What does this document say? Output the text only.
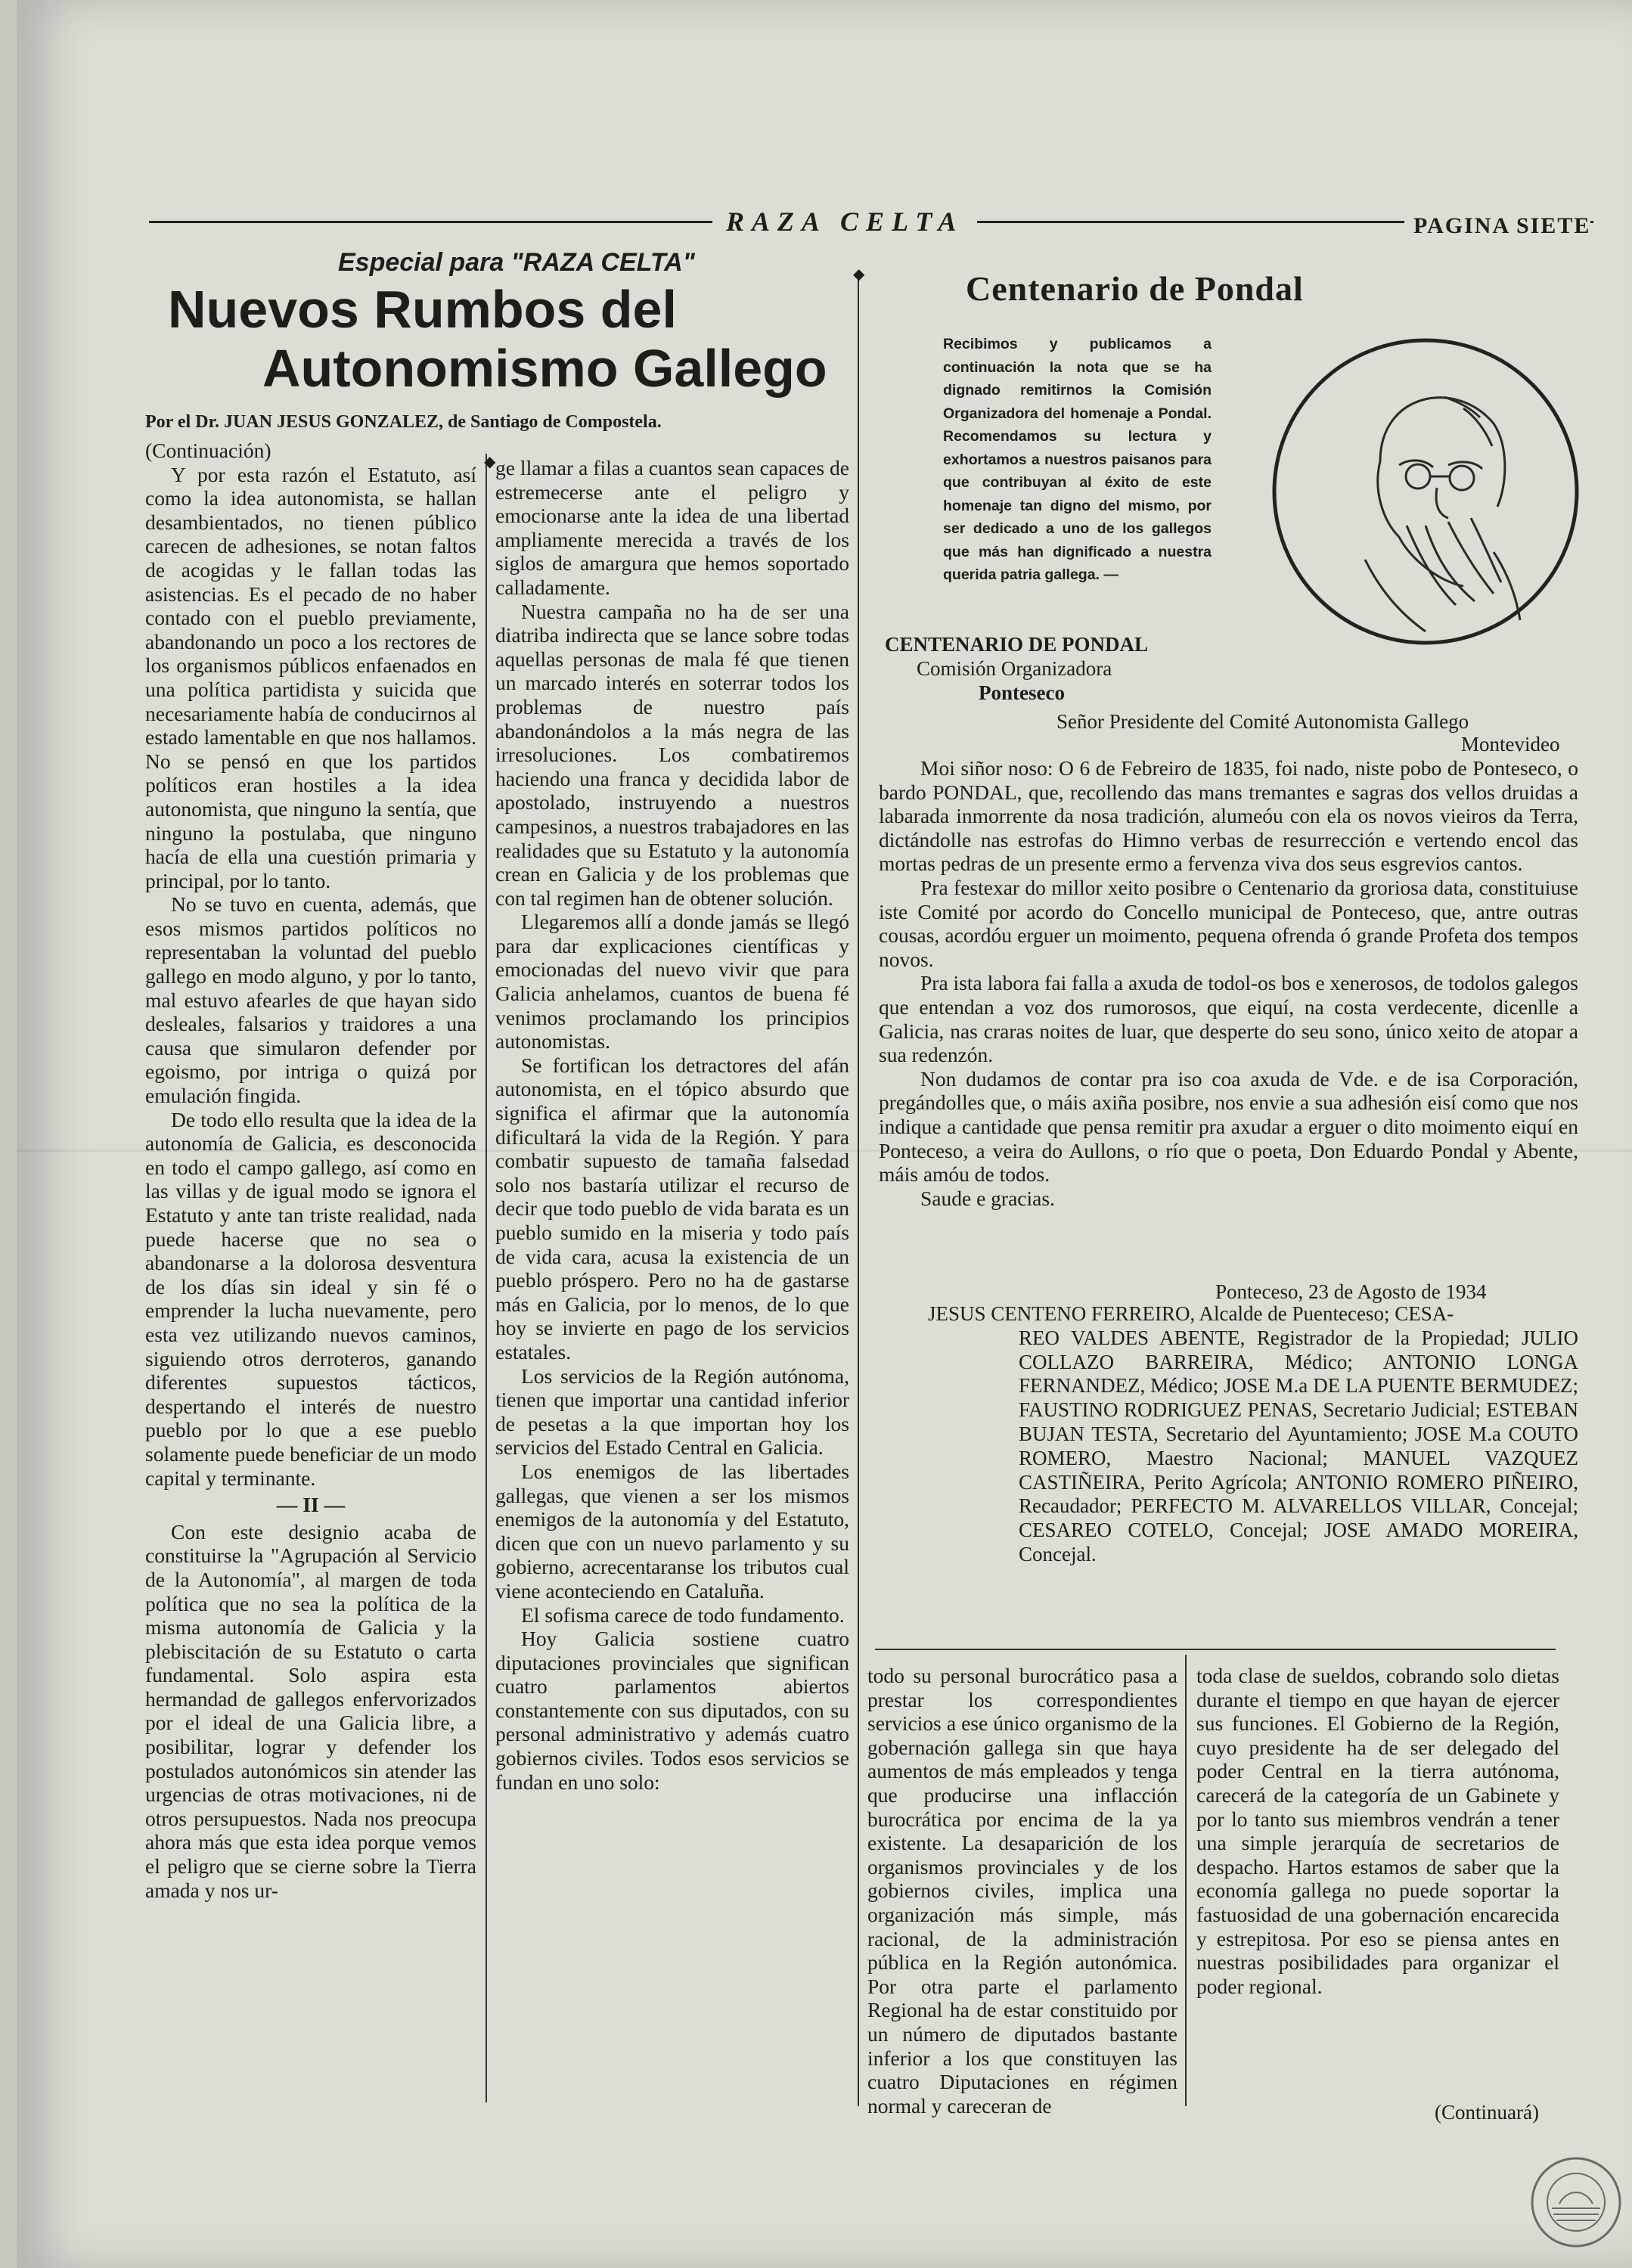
RAZA CELTA	PAGINA SIETE
◆
◆
Especial para "RAZA CELTA"
Nuevos Rumbos del
Autonomismo Gallego
Por el Dr. JUAN JESUS GONZALEZ, de Santiago de Compostela.

(Continuación)

Y por esta razón el Estatuto, así como la idea autonomista, se hallan desambientados, no tienen público carecen de adhesiones, se notan faltos de acogidas y le fallan todas las asistencias. Es el pecado de no haber contado con el pueblo previamente, abandonando un poco a los rectores de los organismos públicos enfaenados en una política partidista y suicida que necesariamente había de conducirnos al estado lamentable en que nos hallamos. No se pensó en que los partidos políticos eran hostiles a la idea autonomista, que ninguno la sentía, que ninguno la postulaba, que ninguno hacía de ella una cuestión primaria y principal, por lo tanto.

No se tuvo en cuenta, además, que esos mismos partidos políticos no representaban la voluntad del pueblo gallego en modo alguno, y por lo tanto, mal estuvo afearles de que hayan sido desleales, falsarios y traidores a una causa que simularon defender por egoismo, por intriga o quizá por emulación fingida.

De todo ello resulta que la idea de la autonomía de Galicia, es desconocida en todo el campo gallego, así como en las villas y de igual modo se ignora el Estatuto y ante tan triste realidad, nada puede hacerse que no sea o abandonarse a la dolorosa desventura de los días sin ideal y sin fé o emprender la lucha nuevamente, pero esta vez utilizando nuevos caminos, siguiendo otros derroteros, ganando diferentes supuestos tácticos, despertando el interés de nuestro pueblo por lo que a ese pueblo solamente puede beneficiar de un modo capital y terminante.

— II —

Con este designio acaba de constituirse la "Agrupación al Servicio de la Autonomía", al margen de toda política que no sea la política de la misma autonomía de Galicia y la plebiscitación de su Estatuto o carta fundamental. Solo aspira esta hermandad de gallegos enfervorizados por el ideal de una Galicia libre, a posibilitar, lograr y defender los postulados autonómicos sin atender las urgencias de otras motivaciones, ni de otros persupuestos. Nada nos preocupa ahora más que esta idea porque vemos el peligro que se cierne sobre la Tierra amada y nos ur-

ge llamar a filas a cuantos sean capaces de estremecerse ante el peligro y emocionarse ante la idea de una libertad ampliamente merecida a través de los siglos de amargura que hemos soportado calladamente.

Nuestra campaña no ha de ser una diatriba indirecta que se lance sobre todas aquellas personas de mala fé que tienen un marcado interés en soterrar todos los problemas de nuestro país abandonándolos a la más negra de las irresoluciones. Los combatiremos haciendo una franca y decidida labor de apostolado, instruyendo a nuestros campesinos, a nuestros trabajadores en las realidades que su Estatuto y la autonomía crean en Galicia y de los problemas que con tal regimen han de obtener solución.

Llegaremos allí a donde jamás se llegó para dar explicaciones científicas y emocionadas del nuevo vivir que para Galicia anhelamos, cuantos de buena fé venimos proclamando los principios autonomistas.

Se fortifican los detractores del afán autonomista, en el tópico absurdo que significa el afirmar que la autonomía dificultará la vida de la Región. Y para combatir supuesto de tamaña falsedad solo nos bastaría utilizar el recurso de decir que todo pueblo de vida barata es un pueblo sumido en la miseria y todo país de vida cara, acusa la existencia de un pueblo próspero. Pero no ha de gastarse más en Galicia, por lo menos, de lo que hoy se invierte en pago de los servicios estatales.

Los servicios de la Región autónoma, tienen que importar una cantidad inferior de pesetas a la que importan hoy los servicios del Estado Central en Galicia.

Los enemigos de las libertades gallegas, que vienen a ser los mismos enemigos de la autonomía y del Estatuto, dicen que con un nuevo parlamento y su gobierno, acrecentaranse los tributos cual viene aconteciendo en Cataluña.

El sofisma carece de todo fundamento.

Hoy Galicia sostiene cuatro diputaciones provinciales que significan cuatro parlamentos abiertos constantemente con sus diputados, con su personal administrativo y además cuatro gobiernos civiles. Todos esos servicios se fundan en uno solo:

todo su personal burocrático pasa a prestar los correspondientes servicios a ese único organismo de la gobernación gallega sin que haya aumentos de más empleados y tenga que producirse una inflacción burocrática por encima de la ya existente. La desaparición de los organismos provinciales y de los gobiernos civiles, implica una organización más simple, más racional, de la administración pública en la Región autonómica. Por otra parte el parlamento Regional ha de estar constituido por un número de diputados bastante inferior a los que constituyen las cuatro Diputaciones en régimen normal y careceran de

toda clase de sueldos, cobrando solo dietas durante el tiempo en que hayan de ejercer sus funciones. El Gobierno de la Región, cuyo presidente ha de ser delegado del poder Central en la tierra autónoma, carecerá de la categoría de un Gabinete y por lo tanto sus miembros vendrán a tener una simple jerarquía de secretarios de despacho. Hartos estamos de saber que la economía gallega no puede soportar la fastuosidad de una gobernación encarecida y estrepitosa. Por eso se piensa antes en nuestras posibilidades para organizar el poder regional.

(Continuará)
Centenario de Pondal
Recibimos y publicamos a continuación la nota que se ha dignado remitirnos la Comisión Organizadora del homenaje a Pondal. Recomendamos su lectura y exhortamos a nuestros paisanos para que contribuyan al éxito de este homenaje tan digno del mismo, por ser dedicado a uno de los gallegos que más han dignificado a nuestra querida patria gallega. —
CENTENARIO DE PONDAL
Comisión Organizadora
Ponteseco
Señor Presidente del Comité Autonomista Gallego
Montevideo

Moi siñor noso: O 6 de Febreiro de 1835, foi nado, niste pobo de Ponteseco, o bardo PONDAL, que, recollendo das mans tremantes e sagras dos vellos druidas a labarada inmorrente da nosa tradición, alumeóu con ela os novos vieiros da Terra, dictándolle nas estrofas do Himno verbas de resurrección e vertendo encol das mortas pedras de un presente ermo a fervenza viva dos seus esgrevios cantos.

Pra festexar do millor xeito posibre o Centenario da groriosa data, constituiuse iste Comité por acordo do Concello municipal de Ponteceso, que, antre outras cousas, acordóu erguer un moimento, pequena ofrenda ó grande Profeta dos tempos novos.

Pra ista labora fai falla a axuda de todol-os bos e xenerosos, de todolos galegos que entendan a voz dos rumorosos, que eiquí, na costa verdecente, dicenlle a Galicia, nas craras noites de luar, que desperte do seu sono, único xeito de atopar a sua redenzón.

Non dudamos de contar pra iso coa axuda de Vde. e de isa Corporación, pregándolles que, o máis axiña posibre, nos envie a sua adhesión eisí como que nos indique a cantidade que pensa remitir pra axudar a erguer o dito moimento eiquí en Ponteceso, a veira do Aullons, o río que o poeta, Don Eduardo Pondal y Abente, máis amóu de todos.

Saude e gracias.

Ponteceso, 23 de Agosto de 1934
JESUS CENTENO FERREIRO, Alcalde de Puenteceso; CESA-
REO VALDES ABENTE, Registrador de la Propiedad; JULIO COLLAZO BARREIRA, Médico; ANTONIO LONGA FERNANDEZ, Médico; JOSE M.a DE LA PUENTE BERMUDEZ; FAUSTINO RODRIGUEZ PENAS, Secretario Judicial; ESTEBAN BUJAN TESTA, Secretario del Ayuntamiento; JOSE M.a COUTO ROMERO, Maestro Nacional; MANUEL VAZQUEZ CASTIÑEIRA, Perito Agrícola; ANTONIO ROMERO PIÑEIRO, Recaudador; PERFECTO M. ALVARELLOS VILLAR, Concejal; CESAREO COTELO, Concejal; JOSE AMADO MOREIRA, Concejal.
